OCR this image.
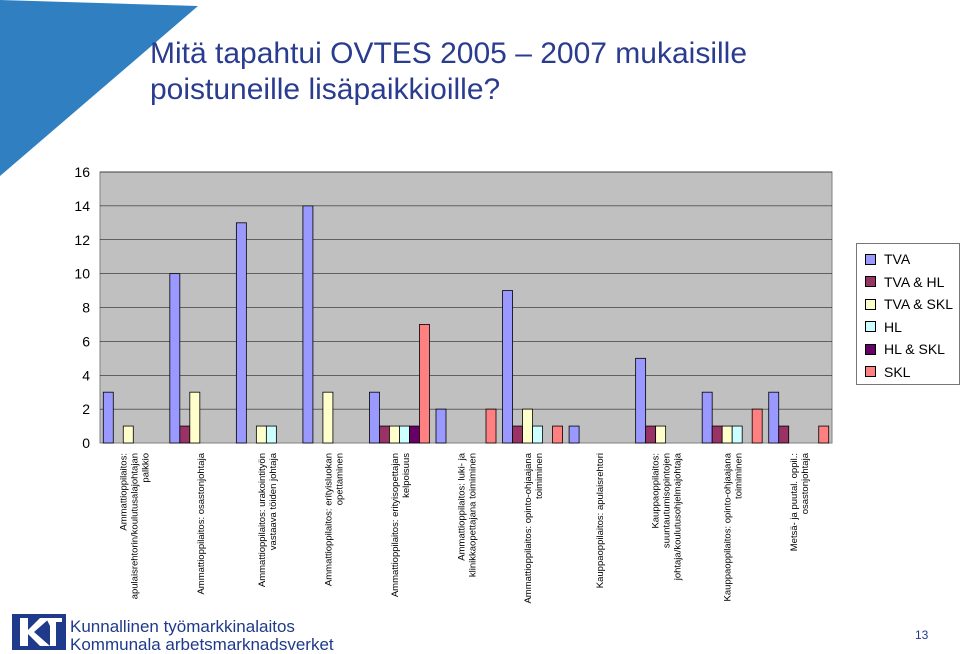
Mitä tapahtui OVTES 2005 – 2007 mukaisille
poistuneille lisäpaikkioille?
0
2
4
6
8
10
12
14
16
Ammattioppilaitos: apulaisrehtorin/koulutusalajohtajan palkkio	Ammattioppilaitos: osastonjohtaja	Ammattioppilaitos: urakointityön vastaava töiden johtaja	Ammattioppilaitos: erityisluokan opettaminen	Ammattioppilaitos: erityisopettajan kelpoisuus	Ammattioppilaitos: luki- ja klinikkaopettajana toimiminen	Ammattioppilaitos: opinto-ohjaajana toimiminen	Kauppaoppilaitos: apulaisrehtori	Kauppaoppilaitos: suuntautumisopintojen johtaja/koulutusohjelmajohtaja	Kauppaoppilaitos: opinto-ohjaajana toimiminen	Metsä- ja puutal. oppil.: osastonjohtaja
TVA
TVA & HL
TVA & SKL
HL
HL & SKL
SKL
Kunnallinen työmarkkinalaitos
Kommunala arbetsmarknadsverket	13
